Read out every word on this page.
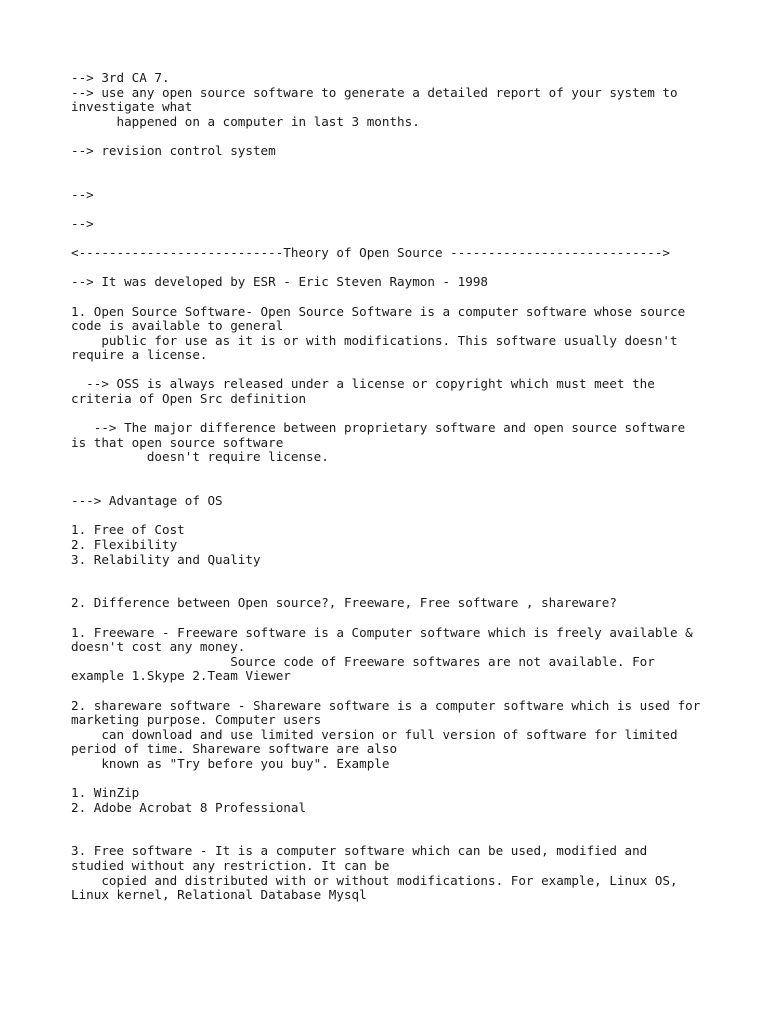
--> 3rd CA 7.
--> use any open source software to generate a detailed report of your system to
investigate what
happened on a computer in last 3 months.
--> revision control system
-->
-->
<---------------------------Theory of Open Source ---------------------------->
--> It was developed by ESR - Eric Steven Raymon - 1998
1. Open Source Software- Open Source Software is a computer software whose source
code is available to general
public for use as it is or with modifications. This software usually doesn't
require a license.
--> OSS is always released under a license or copyright which must meet the
criteria of Open Src definition
--> The major difference between proprietary software and open source software
is that open source software
doesn't require license.
---> Advantage of OS
1. Free of Cost
2. Flexibility
3. Relability and Quality
2. Difference between Open source?, Freeware, Free software , shareware?
1. Freeware - Freeware software is a Computer software which is freely available &
doesn't cost any money.
Source code of Freeware softwares are not available. For
example 1.Skype 2.Team Viewer
2. shareware software - Shareware software is a computer software which is used for
marketing purpose. Computer users
can download and use limited version or full version of software for limited
period of time. Shareware software are also
known as "Try before you buy". Example
1. WinZip
2. Adobe Acrobat 8 Professional
3. Free software - It is a computer software which can be used, modified and
studied without any restriction. It can be
copied and distributed with or without modifications. For example, Linux OS,
Linux kernel, Relational Database Mysql
